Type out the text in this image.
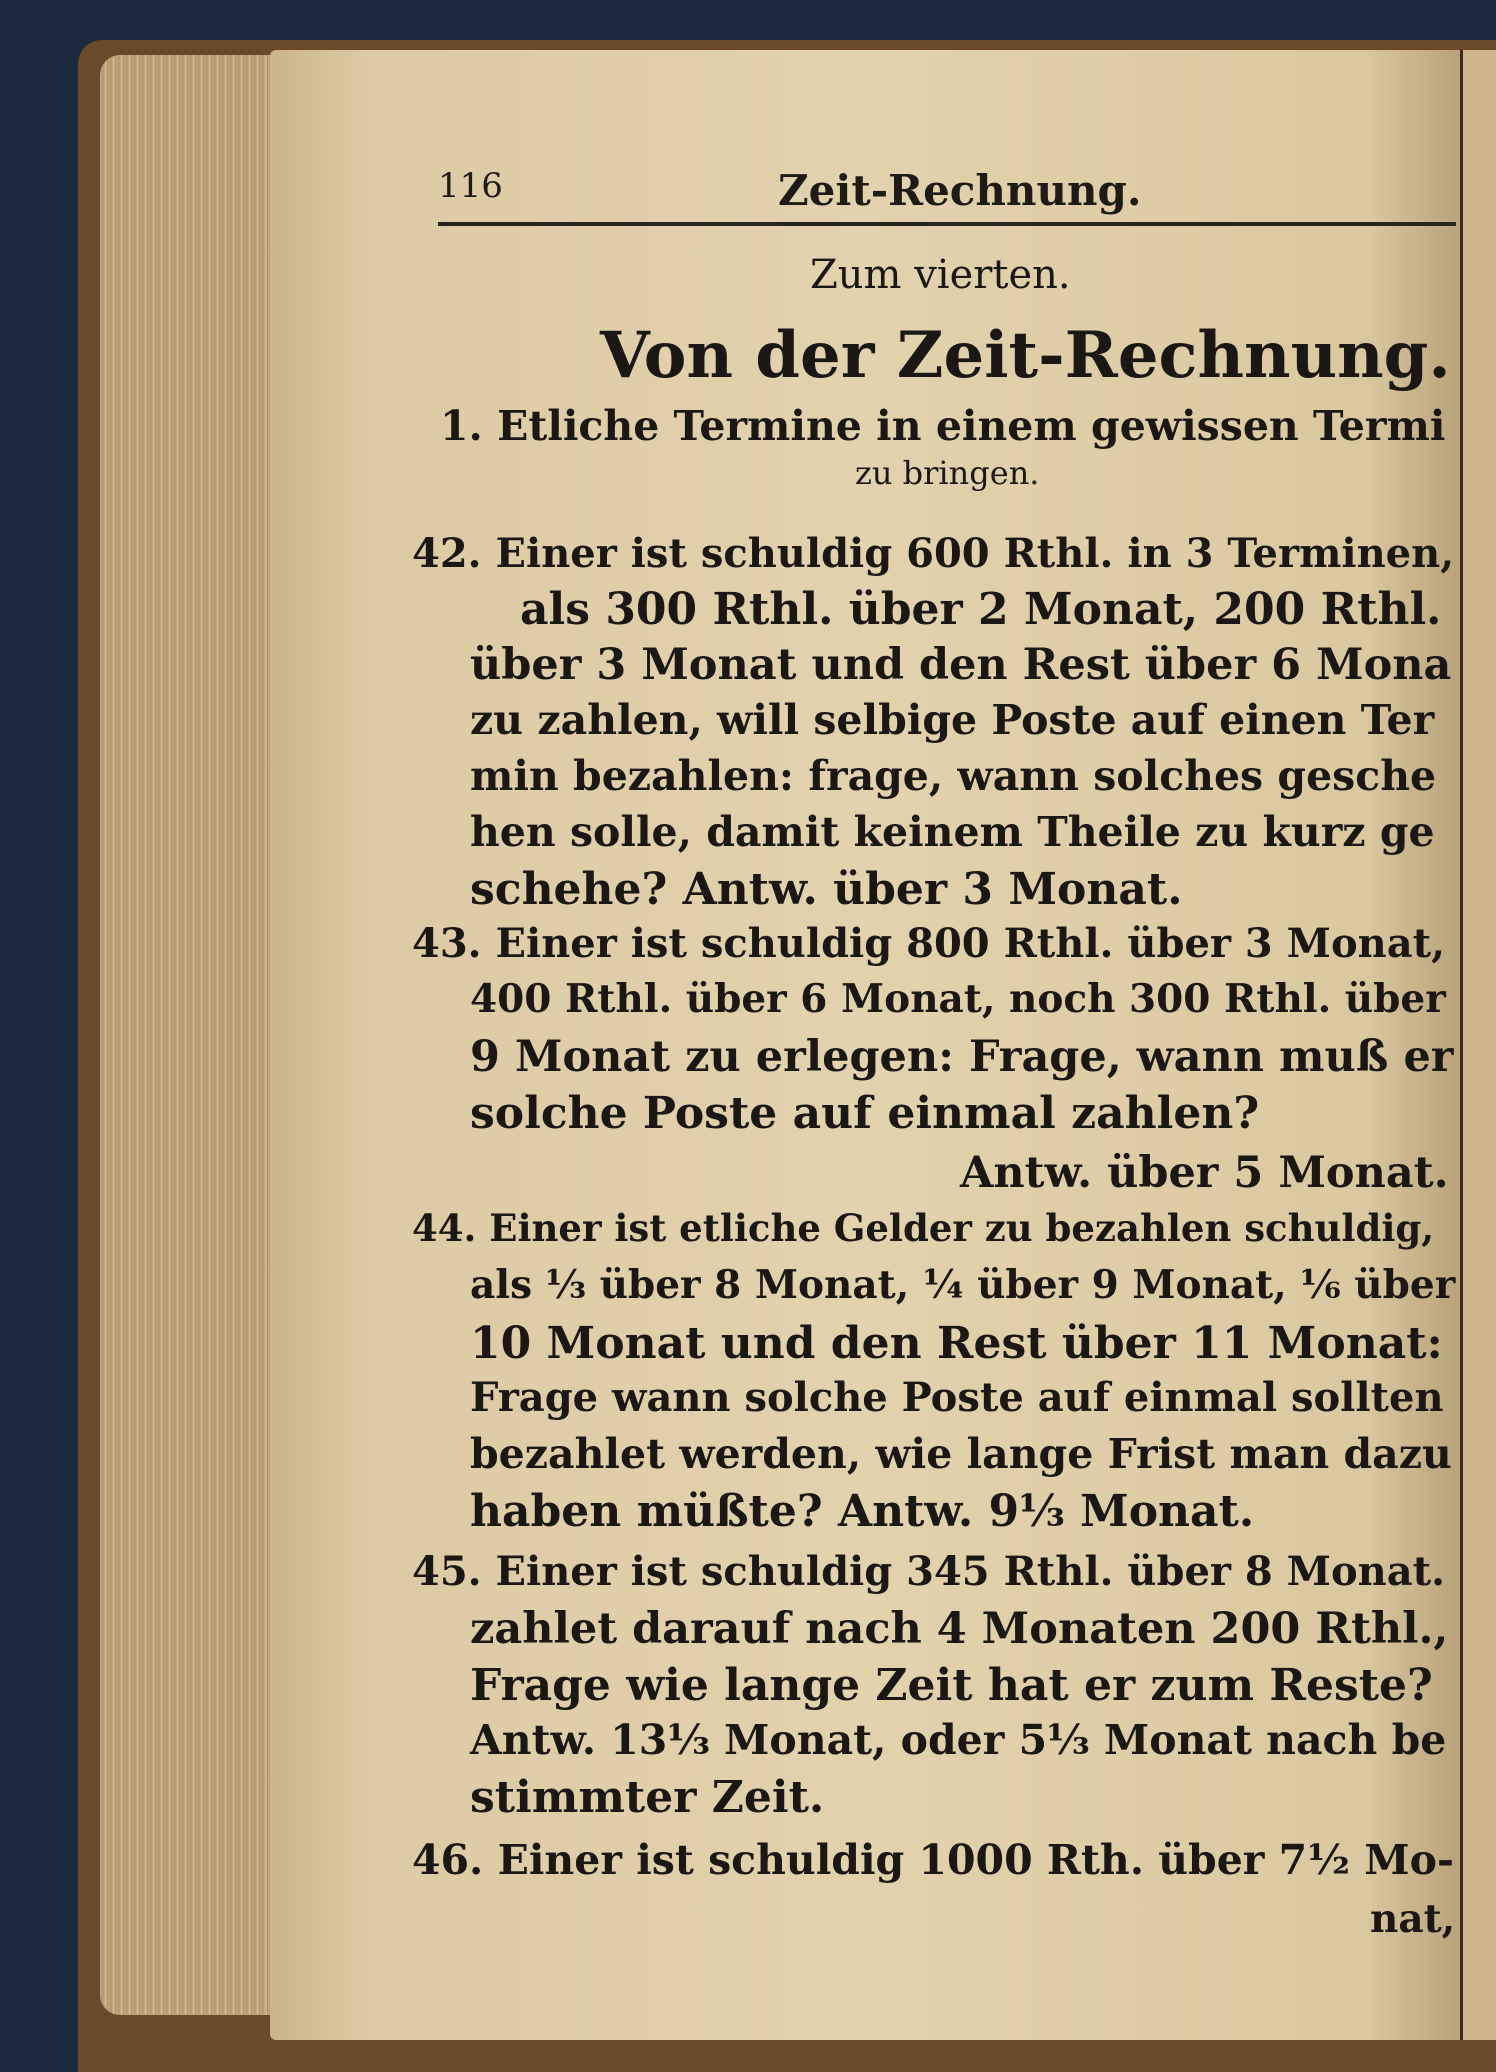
116	Zeit-Rechnung.
Zum vierten.
Von der Zeit-Rechnung.
1. Etliche Termine in einem gewissen Termi
zu bringen.
42. Einer ist schuldig 600 Rthl. in 3 Terminen,
als 300 Rthl. über 2 Monat, 200 Rthl.
über 3 Monat und den Rest über 6 Mona
zu zahlen, will selbige Poste auf einen Ter
min bezahlen: frage, wann solches gesche
hen solle, damit keinem Theile zu kurz ge
schehe? Antw. über 3 Monat.
43. Einer ist schuldig 800 Rthl. über 3 Monat,
400 Rthl. über 6 Monat, noch 300 Rthl. über
9 Monat zu erlegen: Frage, wann muß er
solche Poste auf einmal zahlen?
Antw. über 5 Monat.
44. Einer ist etliche Gelder zu bezahlen schuldig,
als ⅓ über 8 Monat, ¼ über 9 Monat, ⅙ über
10 Monat und den Rest über 11 Monat:
Frage wann solche Poste auf einmal sollten
bezahlet werden, wie lange Frist man dazu
haben müßte? Antw. 9⅓ Monat.
45. Einer ist schuldig 345 Rthl. über 8 Monat.
zahlet darauf nach 4 Monaten 200 Rthl.,
Frage wie lange Zeit hat er zum Reste?
Antw. 13⅓ Monat, oder 5⅓ Monat nach be
stimmter Zeit.
46. Einer ist schuldig 1000 Rth. über 7½ Mo-
nat,
